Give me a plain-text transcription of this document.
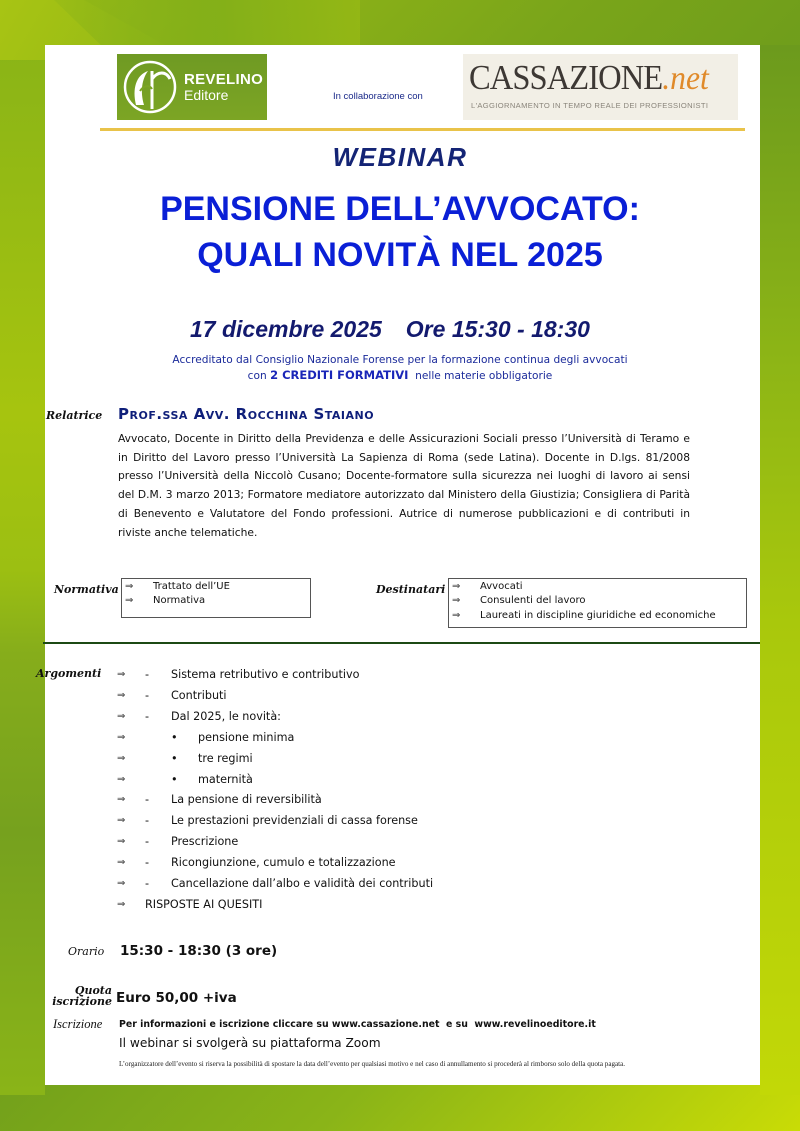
REVELINO
Editore	In collaborazione con CASSAZIONE.net
L'AGGIORNAMENTO IN TEMPO REALE DEI PROFESSIONISTI
WEBINAR
PENSIONE DELL’AVVOCATO:
QUALI NOVITÀ NEL 2025
17 dicembre 2025 Ore 15:30 - 18:30
Accreditato dal Consiglio Nazionale Forense per la formazione continua degli avvocati
con 2 CREDITI FORMATIVI nelle materie obbligatorie
Relatrice Prof.ssa Avv. Rocchina Staiano
Avvocato, Docente in Diritto della Previdenza e delle Assicurazioni Sociali presso l’Università di Teramo e in Diritto del Lavoro presso l’Università La Sapienza di Roma (sede Latina). Docente in D.lgs. 81/2008 presso l’Università della Niccolò Cusano; Docente-formatore sulla sicurezza nei luoghi di lavoro ai sensi del D.M. 3 marzo 2013; Formatore mediatore autorizzato dal Ministero della Giustizia; Consigliera di Parità di Benevento e Valutatore del Fondo professioni. Autrice di numerose pubblicazioni e di contributi in riviste anche telematiche.
Normativa ⇒	Trattato dell’UE
⇒	Normativa
Destinatari ⇒	Avvocati
⇒	Consulenti del lavoro
⇒	Laureati in discipline giuridiche ed economiche
Argomenti ⇒ - Sistema retributivo e contributivo
⇒ - Contributi
⇒ - Dal 2025, le novità:
⇒	• pensione minima
⇒	• tre regimi
⇒	• maternità
⇒ - La pensione di reversibilità
⇒ - Le prestazioni previdenziali di cassa forense
⇒ - Prescrizione
⇒ - Ricongiunzione, cumulo e totalizzazione
⇒ - Cancellazione dall’albo e validità dei contributi
⇒ RISPOSTE AI QUESITI
Orario 15:30 - 18:30 (3 ore)
Quota
iscrizione Euro 50,00 +iva
Iscrizione Per informazioni e iscrizione cliccare su www.cassazione.net e su www.revelinoeditore.it
Il webinar si svolgerà su piattaforma Zoom
L’organizzatore dell’evento si riserva la possibilità di spostare la data dell’evento per qualsiasi motivo e nel caso di annullamento si procederà al rimborso solo della quota pagata.
